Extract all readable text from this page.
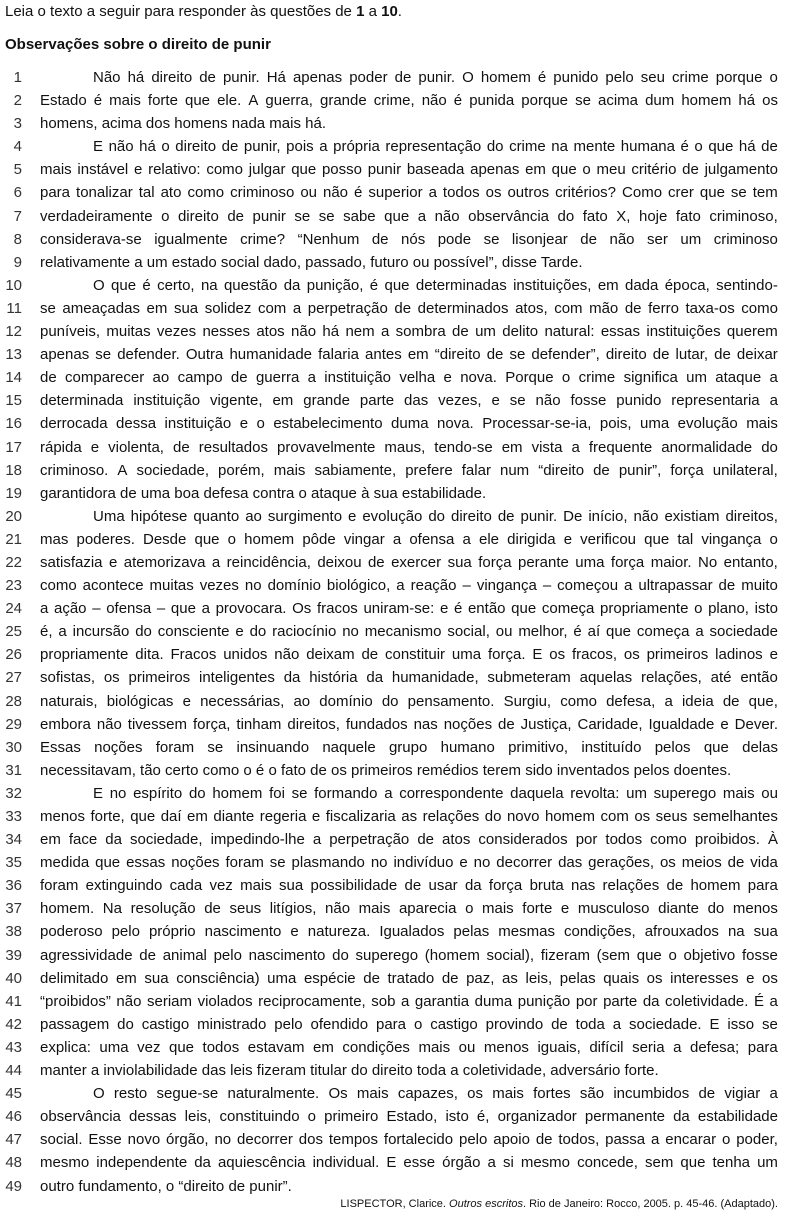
Leia o texto a seguir para responder às questões de 1 a 10.
Observações sobre o direito de punir
1	Não há direito de punir. Há apenas poder de punir. O homem é punido pelo seu crime porque o
2 Estado é mais forte que ele. A guerra, grande crime, não é punida porque se acima dum homem há os
3 homens, acima dos homens nada mais há.
4	E não há o direito de punir, pois a própria representação do crime na mente humana é o que há de
5 mais instável e relativo: como julgar que posso punir baseada apenas em que o meu critério de julgamento
6 para tonalizar tal ato como criminoso ou não é superior a todos os outros critérios? Como crer que se tem
7 verdadeiramente o direito de punir se se sabe que a não observância do fato X, hoje fato criminoso,
8 considerava-se igualmente crime? “Nenhum de nós pode se lisonjear de não ser um criminoso
9 relativamente a um estado social dado, passado, futuro ou possível”, disse Tarde.
10	O que é certo, na questão da punição, é que determinadas instituições, em dada época, sentindo-
11 se ameaçadas em sua solidez com a perpetração de determinados atos, com mão de ferro taxa-os como
12 puníveis, muitas vezes nesses atos não há nem a sombra de um delito natural: essas instituições querem
13 apenas se defender. Outra humanidade falaria antes em “direito de se defender”, direito de lutar, de deixar
14 de comparecer ao campo de guerra a instituição velha e nova. Porque o crime significa um ataque a
15 determinada instituição vigente, em grande parte das vezes, e se não fosse punido representaria a
16 derrocada dessa instituição e o estabelecimento duma nova. Processar-se-ia, pois, uma evolução mais
17 rápida e violenta, de resultados provavelmente maus, tendo-se em vista a frequente anormalidade do
18 criminoso. A sociedade, porém, mais sabiamente, prefere falar num “direito de punir”, força unilateral,
19 garantidora de uma boa defesa contra o ataque à sua estabilidade.
20	Uma hipótese quanto ao surgimento e evolução do direito de punir. De início, não existiam direitos,
21 mas poderes. Desde que o homem pôde vingar a ofensa a ele dirigida e verificou que tal vingança o
22 satisfazia e atemorizava a reincidência, deixou de exercer sua força perante uma força maior. No entanto,
23 como acontece muitas vezes no domínio biológico, a reação – vingança – começou a ultrapassar de muito
24 a ação – ofensa – que a provocara. Os fracos uniram-se: e é então que começa propriamente o plano, isto
25 é, a incursão do consciente e do raciocínio no mecanismo social, ou melhor, é aí que começa a sociedade
26 propriamente dita. Fracos unidos não deixam de constituir uma força. E os fracos, os primeiros ladinos e
27 sofistas, os primeiros inteligentes da história da humanidade, submeteram aquelas relações, até então
28 naturais, biológicas e necessárias, ao domínio do pensamento. Surgiu, como defesa, a ideia de que,
29 embora não tivessem força, tinham direitos, fundados nas noções de Justiça, Caridade, Igualdade e Dever.
30 Essas noções foram se insinuando naquele grupo humano primitivo, instituído pelos que delas
31 necessitavam, tão certo como o é o fato de os primeiros remédios terem sido inventados pelos doentes.
32	E no espírito do homem foi se formando a correspondente daquela revolta: um superego mais ou
33 menos forte, que daí em diante regeria e fiscalizaria as relações do novo homem com os seus semelhantes
34 em face da sociedade, impedindo-lhe a perpetração de atos considerados por todos como proibidos. À
35 medida que essas noções foram se plasmando no indivíduo e no decorrer das gerações, os meios de vida
36 foram extinguindo cada vez mais sua possibilidade de usar da força bruta nas relações de homem para
37 homem. Na resolução de seus litígios, não mais aparecia o mais forte e musculoso diante do menos
38 poderoso pelo próprio nascimento e natureza. Igualados pelas mesmas condições, afrouxados na sua
39 agressividade de animal pelo nascimento do superego (homem social), fizeram (sem que o objetivo fosse
40 delimitado em sua consciência) uma espécie de tratado de paz, as leis, pelas quais os interesses e os
41 “proibidos” não seriam violados reciprocamente, sob a garantia duma punição por parte da coletividade. É a
42 passagem do castigo ministrado pelo ofendido para o castigo provindo de toda a sociedade. E isso se
43 explica: uma vez que todos estavam em condições mais ou menos iguais, difícil seria a defesa; para
44 manter a inviolabilidade das leis fizeram titular do direito toda a coletividade, adversário forte.
45	O resto segue-se naturalmente. Os mais capazes, os mais fortes são incumbidos de vigiar a
46 observância dessas leis, constituindo o primeiro Estado, isto é, organizador permanente da estabilidade
47 social. Esse novo órgão, no decorrer dos tempos fortalecido pelo apoio de todos, passa a encarar o poder,
48 mesmo independente da aquiescência individual. E esse órgão a si mesmo concede, sem que tenha um
49 outro fundamento, o “direito de punir”.
LISPECTOR, Clarice. Outros escritos. Rio de Janeiro: Rocco, 2005. p. 45-46. (Adaptado).
